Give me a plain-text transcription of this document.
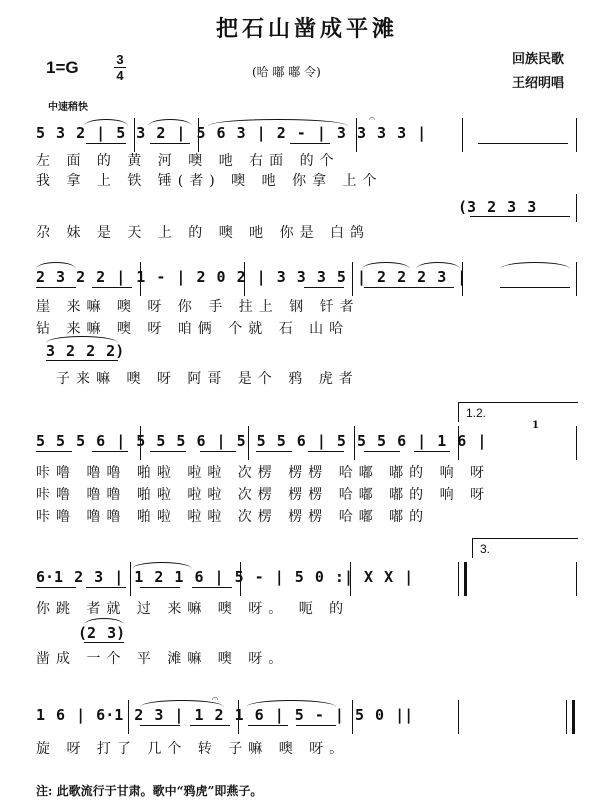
把石山凿成平滩
1=G	3
4	(哈 嘟 嘟 令)
回族民歌
王绍明唱
中速稍快
5 3 2 | 5 3 2 | 5 6 3 | 2 - | 3 3 3 3 |
𝄐
左 面 的 黄 河 噢 吔 右面 的个
我 拿 上 铁 锤(者) 噢 吔 你拿 上个
(3 2 3 3
尕 妹 是 天 上 的 噢 吔 你是 白鸽
2 3 2 2 | 1 - | 2 0 2 | 3 3 3 5 | 2 2 2 3 |
崖 来嘛 噢 呀 你 手 拄上 钢 钎者
钻 来嘛 噢 呀 咱俩 个就 石 山哈
3 2 2 2)
子来嘛 噢 呀 阿哥 是个 鸦 虎者
1.2.
5 5 5 6 | 5 5 5 6 | 5 5 5 6 | 5 5 5 6 | 1 6 |
1
咔噜 噜噜 啪啦 啦啦 次楞 楞楞 哈嘟 嘟的 响 呀
咔噜 噜噜 啪啦 啦啦 次楞 楞楞 哈嘟 嘟的 响 呀
咔噜 噜噜 啪啦 啦啦 次楞 楞楞 哈嘟 嘟的
3.
6·1 2 3 | 1 2 1 6 | 5 - | 5 0 :| X X |
你跳 者就 过 来嘛 噢 呀。 呃 的
(2 3)
凿成 一个 平 滩嘛 噢 呀。
𝄐
1 6 | 6·1 2 3 | 1 2 1 6 | 5 - | 5 0 ||
旋 呀 打了 几个 转 子嘛 噢 呀。
注: 此歌流行于甘肃。歌中“鸦虎”即燕子。
